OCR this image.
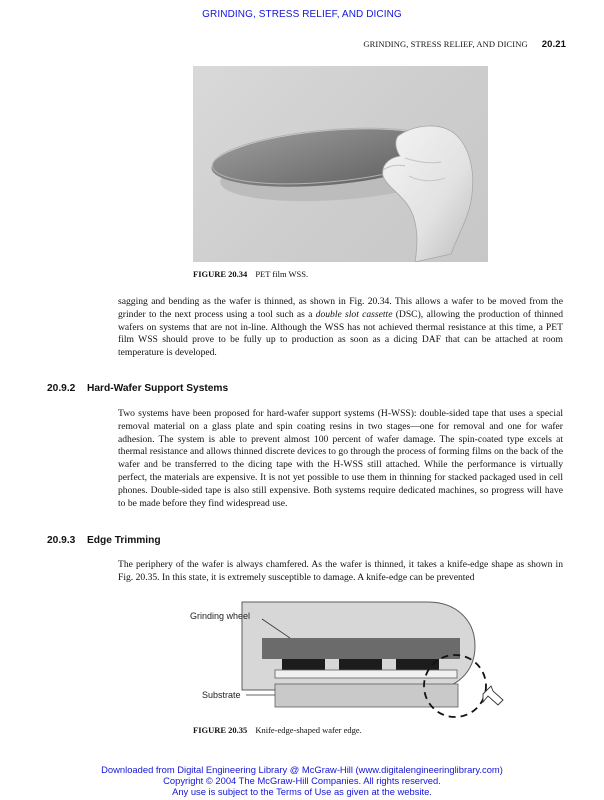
GRINDING, STRESS RELIEF, AND DICING
GRINDING, STRESS RELIEF, AND DICING 20.21
FIGURE 20.34 PET film WSS.
sagging and bending as the wafer is thinned, as shown in Fig. 20.34. This allows a wafer to be moved from the grinder to the next process using a tool such as a double slot cassette (DSC), allowing the production of thinned wafers on systems that are not in-line. Although the WSS has not achieved thermal resistance at this time, a PET film WSS should prove to be fully up to production as soon as a dicing DAF that can be attached at room temperature is developed.
20.9.2 Hard-Wafer Support Systems
Two systems have been proposed for hard-wafer support systems (H-WSS): double-sided tape that uses a special removal material on a glass plate and spin coating resins in two stages—one for removal and one for wafer adhesion. The system is able to prevent almost 100 percent of wafer damage. The spin-coated type excels at thermal resistance and allows thinned discrete devices to go through the process of forming films on the back of the wafer and be transferred to the dicing tape with the H-WSS still attached. While the performance is virtually perfect, the materials are expensive. It is not yet possible to use them in thinning for stacked packaged used in cell phones. Double-sided tape is also still expensive. Both systems require dedicated machines, so progress will have to be made before they find widespread use.
20.9.3 Edge Trimming
The periphery of the wafer is always chamfered. As the wafer is thinned, it takes a knife-edge shape as shown in Fig. 20.35. In this state, it is extremely susceptible to damage. A knife-edge can be prevented
Grinding wheel
Substrate
FIGURE 20.35 Knife-edge-shaped wafer edge.
Downloaded from Digital Engineering Library @ McGraw-Hill (www.digitalengineeringlibrary.com)
Copyright © 2004 The McGraw-Hill Companies. All rights reserved.
Any use is subject to the Terms of Use as given at the website.
